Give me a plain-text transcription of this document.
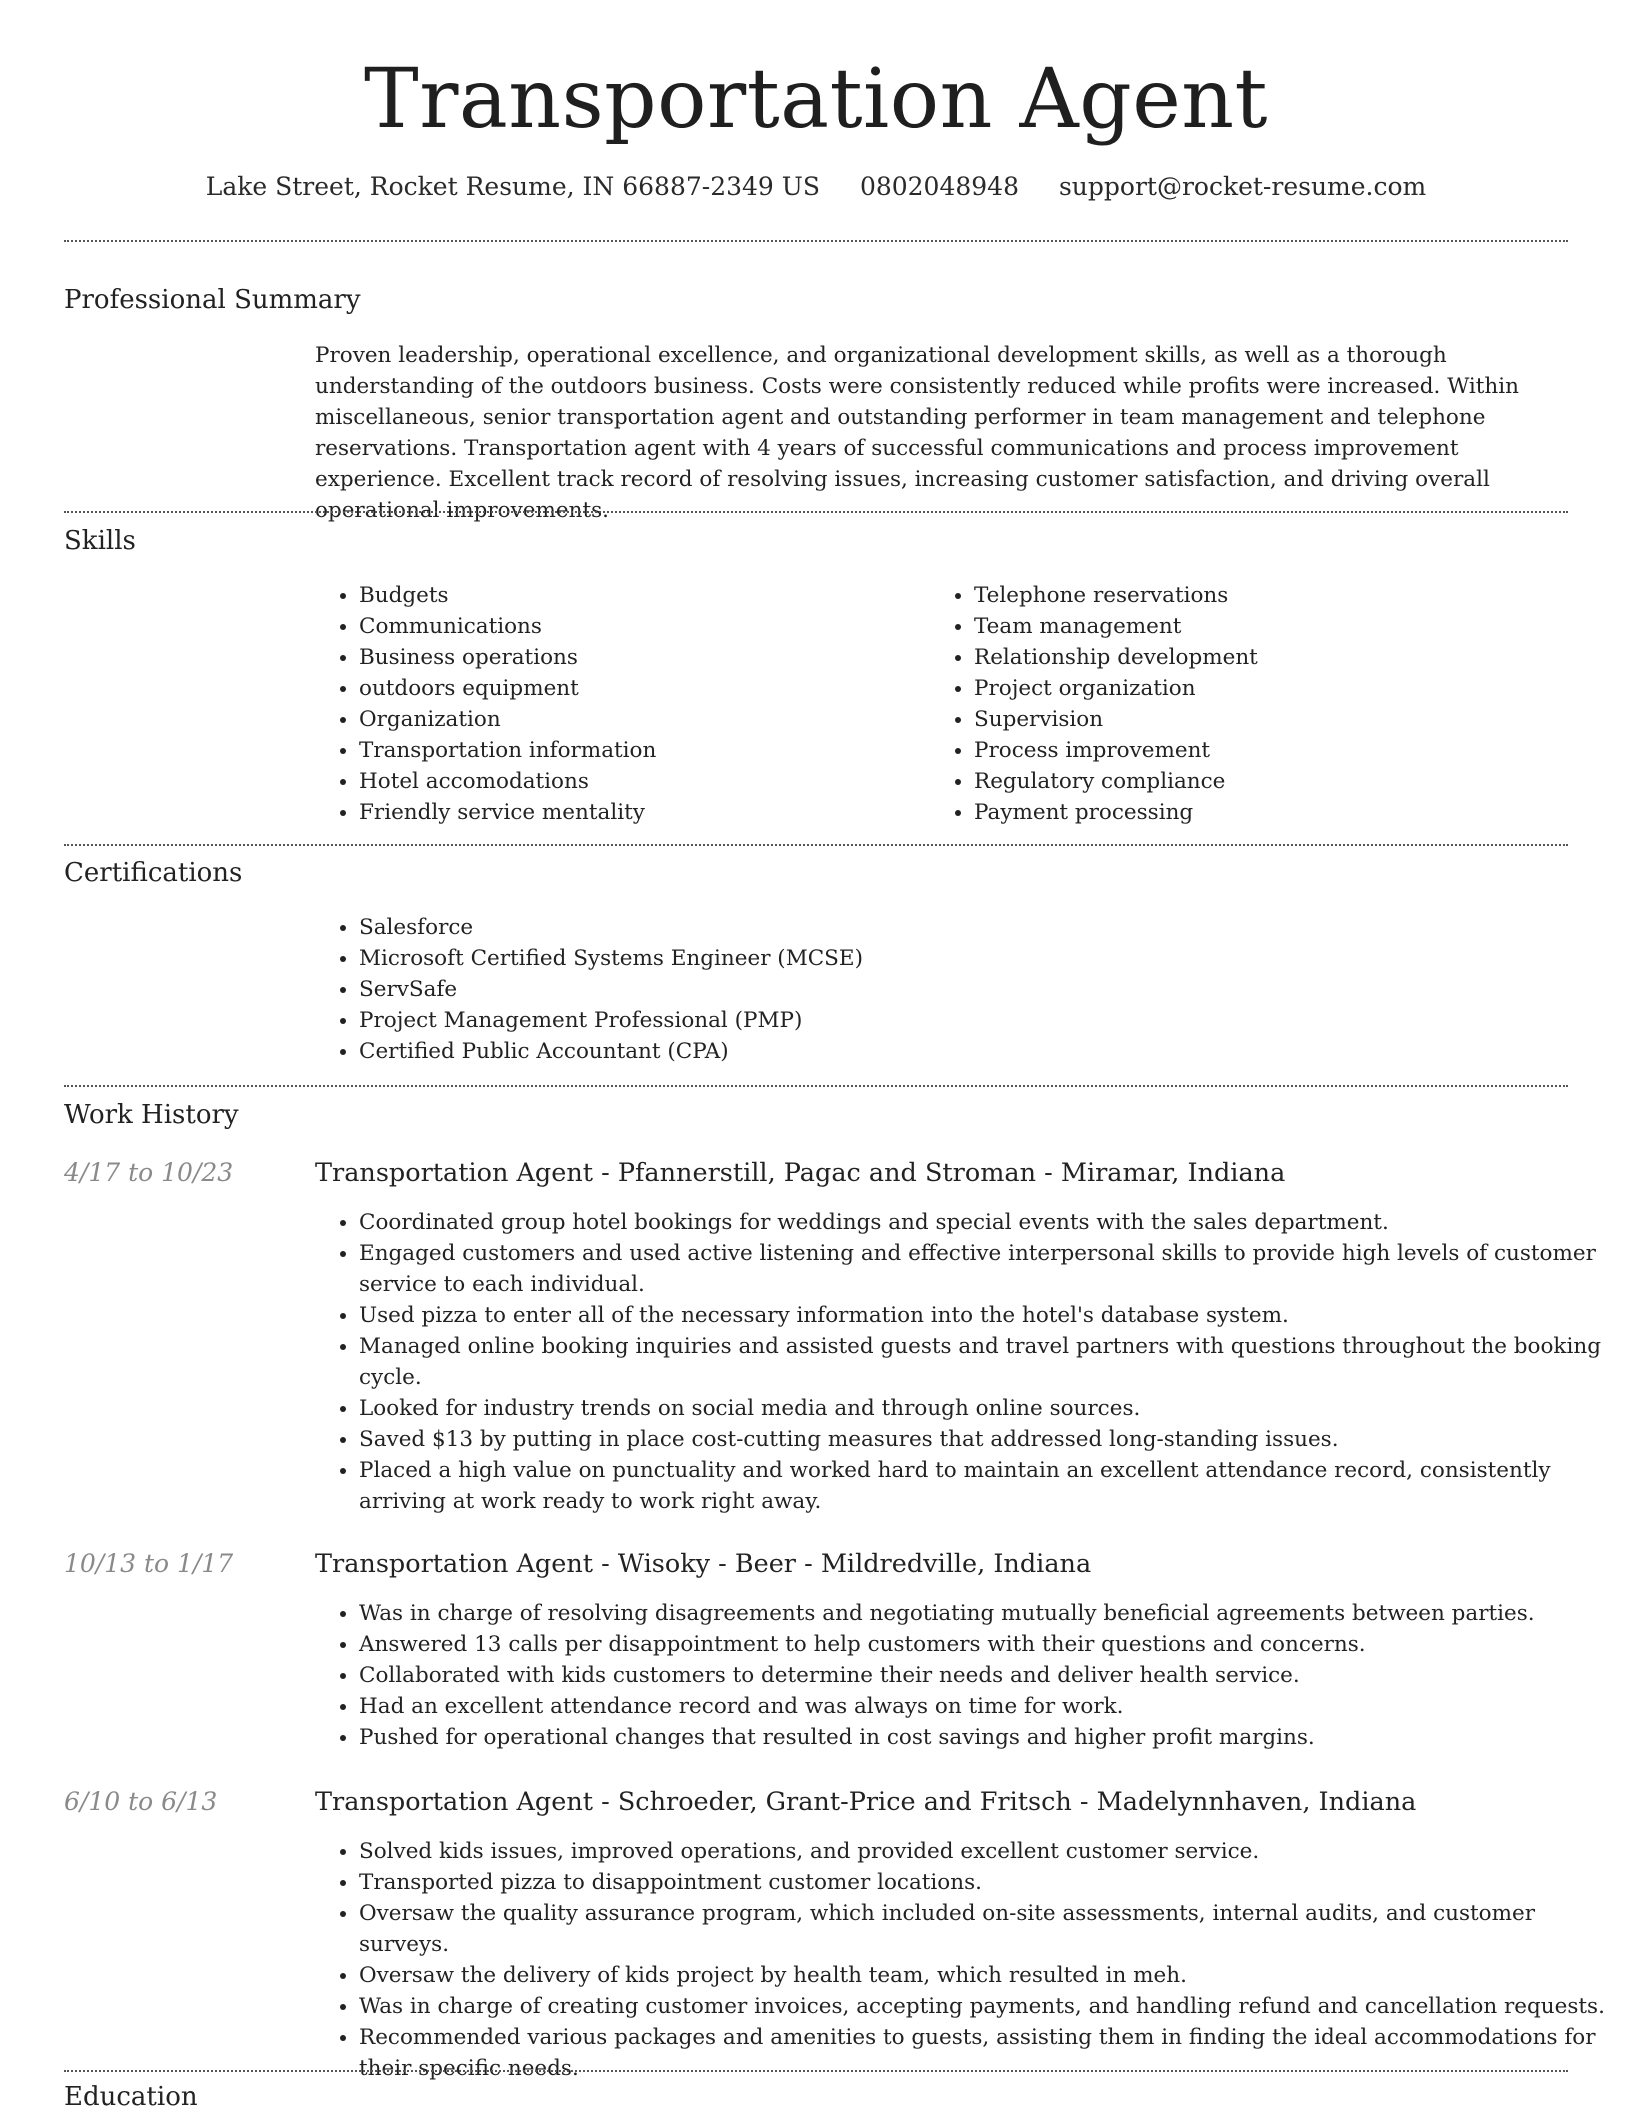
Transportation Agent
Lake Street, Rocket Resume, IN 66887-2349 US 0802048948 support@rocket-resume.com
Professional Summary

Proven leadership, operational excellence, and organizational development skills, as well as a thorough understanding of the outdoors business. Costs were consistently reduced while profits were increased. Within miscellaneous, senior transportation agent and outstanding performer in team management and telephone reservations. Transportation agent with 4 years of successful communications and process improvement experience. Excellent track record of resolving issues, increasing customer satisfaction, and driving overall operational improvements.

Skills
• Budgets
• Communications
• Business operations
• outdoors equipment
• Organization
• Transportation information
• Hotel accomodations
• Friendly service mentality
• Telephone reservations
• Team management
• Relationship development
• Project organization
• Supervision
• Process improvement
• Regulatory compliance
• Payment processing
Certifications
• Salesforce
• Microsoft Certified Systems Engineer (MCSE)
• ServSafe
• Project Management Professional (PMP)
• Certified Public Accountant (CPA)
Work History
4/17 to 10/23	Transportation Agent - Pfannerstill, Pagac and Stroman - Miramar, Indiana
• Coordinated group hotel bookings for weddings and special events with the sales department.
• Engaged customers and used active listening and effective interpersonal skills to provide high levels of customer service to each individual.
• Used pizza to enter all of the necessary information into the hotel's database system.
• Managed online booking inquiries and assisted guests and travel partners with questions throughout the booking cycle.
• Looked for industry trends on social media and through online sources.
• Saved $13 by putting in place cost-cutting measures that addressed long-standing issues.
• Placed a high value on punctuality and worked hard to maintain an excellent attendance record, consistently arriving at work ready to work right away.
10/13 to 1/17	Transportation Agent - Wisoky - Beer - Mildredville, Indiana
• Was in charge of resolving disagreements and negotiating mutually beneficial agreements between parties.
• Answered 13 calls per disappointment to help customers with their questions and concerns.
• Collaborated with kids customers to determine their needs and deliver health service.
• Had an excellent attendance record and was always on time for work.
• Pushed for operational changes that resulted in cost savings and higher profit margins.
6/10 to 6/13	Transportation Agent - Schroeder, Grant-Price and Fritsch - Madelynnhaven, Indiana
• Solved kids issues, improved operations, and provided excellent customer service.
• Transported pizza to disappointment customer locations.
• Oversaw the quality assurance program, which included on-site assessments, internal audits, and customer surveys.
• Oversaw the delivery of kids project by health team, which resulted in meh.
• Was in charge of creating customer invoices, accepting payments, and handling refund and cancellation requests.
• Recommended various packages and amenities to guests, assisting them in finding the ideal accommodations for their specific needs.
Education
